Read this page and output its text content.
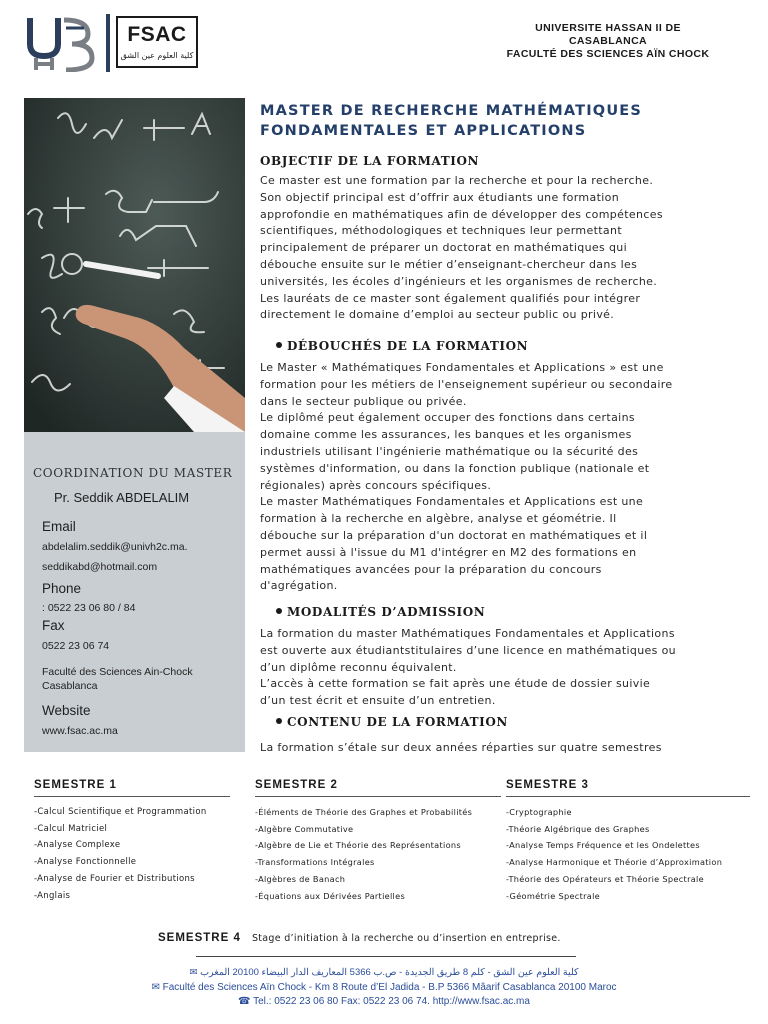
FSAC
كلية العلوم عين الشق
UNIVERSITE HASSAN II DE
CASABLANCA
FACULTÉ DES SCIENCES AÏN CHOCK
COORDINATION DU MASTER
Pr. Seddik ABDELALIM
Email
abdelalim.seddik@univh2c.ma.
seddikabd@hotmail.com
Phone
: 0522 23 06 80 / 84
Fax
0522 23 06 74
Faculté des Sciences Ain-Chock
Casablanca
Website
www.fsac.ac.ma
MASTER DE RECHERCHE MATHÉMATIQUES
FONDAMENTALES ET APPLICATIONS
OBJECTIF DE LA FORMATION
Ce master est une formation par la recherche et pour la recherche.
Son objectif principal est d’offrir aux étudiants une formation
approfondie en mathématiques afin de développer des compétences
scientifiques, méthodologiques et techniques leur permettant
principalement de préparer un doctorat en mathématiques qui
débouche ensuite sur le métier d’enseignant-chercheur dans les
universités, les écoles d’ingénieurs et les organismes de recherche.
Les lauréats de ce master sont également qualifiés pour intégrer
directement le domaine d’emploi au secteur public ou privé.
DÉBOUCHÉS DE LA FORMATION
Le Master « Mathématiques Fondamentales et Applications » est une
formation pour les métiers de l'enseignement supérieur ou secondaire
dans le secteur publique ou privée.
Le diplômé peut également occuper des fonctions dans certains
domaine comme les assurances, les banques et les organismes
industriels utilisant l'ingénierie mathématique ou la sécurité des
systèmes d'information, ou dans la fonction publique (nationale et
régionales) après concours spécifiques.
Le master Mathématiques Fondamentales et Applications est une
formation à la recherche en algèbre, analyse et géométrie. Il
débouche sur la préparation d'un doctorat en mathématiques et il
permet aussi à l'issue du M1 d'intégrer en M2 des formations en
mathématiques avancées pour la préparation du concours
d'agrégation.
MODALITÉS D’ADMISSION
La formation du master Mathématiques Fondamentales et Applications
est ouverte aux étudiantstitulaires d’une licence en mathématiques ou
d’un diplôme reconnu équivalent.
L’accès à cette formation se fait après une étude de dossier suivie
d’un test écrit et ensuite d’un entretien.
CONTENU DE LA FORMATION
La formation s’étale sur deux années réparties sur quatre semestres
SEMESTRE 1
-Calcul Scientifique et Programmation
-Calcul Matriciel
-Analyse Complexe
-Analyse Fonctionnelle
-Analyse de Fourier et Distributions
-Anglais
SEMESTRE 2
-Éléments de Théorie des Graphes et Probabilités
-Algèbre Commutative
-Algèbre de Lie et Théorie des Représentations
-Transformations Intégrales
-Algèbres de Banach
-Équations aux Dérivées Partielles
SEMESTRE 3
-Cryptographie
-Théorie Algébrique des Graphes
-Analyse Temps Fréquence et les Ondelettes
-Analyse Harmonique et Théorie d’Approximation
-Théorie des Opérateurs et Théorie Spectrale
-Géométrie Spectrale
SEMESTRE 4 Stage d’initiation à la recherche ou d’insertion en entreprise.
✉ كلية العلوم عين الشق - كلم 8 طريق الجديدة - ص.ب 5366 المعاريف الدار البيضاء 20100 المغرب
✉ Faculté des Sciences Aïn Chock - Km 8 Route d’El Jadida - B.P 5366 Mâarif Casablanca 20100 Maroc
☎ Tel.: 0522 23 06 80 Fax: 0522 23 06 74. http://www.fsac.ac.ma
